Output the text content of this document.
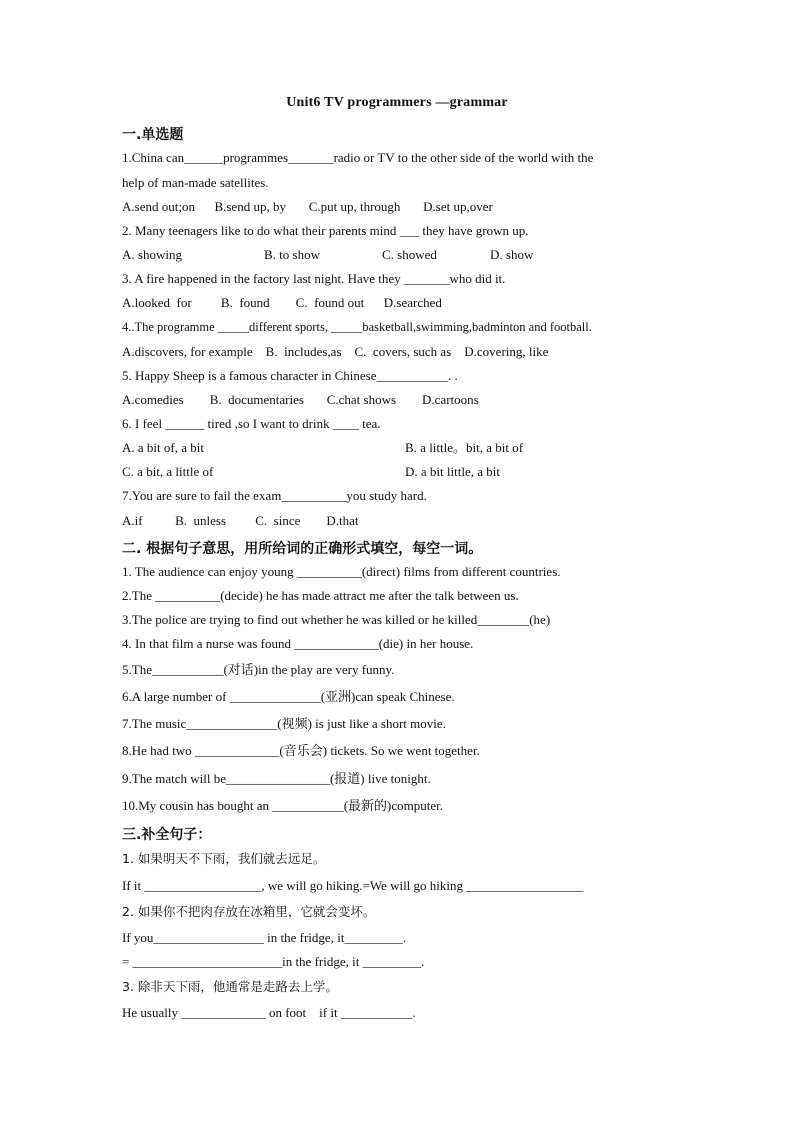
Unit6 TV programmers —grammar
一.单选题
1.China can______programmes_______radio or TV to the other side of the world with the
help of man-made satellites.
A.send out;on      B.send up, by       C.put up, through       D.set up,over
2. Many teenagers like to do what their parents mind ___ they have grown up.
A. showing	B. to show	C. showed	D. show
3. A fire happened in the factory last night. Have they _______who did it.
A.looked  for         B.  found        C.  found out      D.searched
4..The programme _____different sports, _____basketball,swimming,badminton and football.
A.discovers, for example    B.  includes,as    C.  covers, such as    D.covering, like
5. Happy Sheep is a famous character in Chinese___________. .
A.comedies        B.  documentaries       C.chat shows        D.cartoons
6. I feel ______ tired ,so I want to drink ____ tea.
A. a bit of, a bit	B. a little。bit, a bit of
C. a bit, a little of	D. a bit little, a bit
7.You are sure to fail the exam__________you study hard.
A.if          B.  unless         C.  since        D.that
二. 根据句子意思，用所给词的正确形式填空，每空一词。
1. The audience can enjoy young __________(direct) films from different countries.
2.The __________(decide) he has made attract me after the talk between us.
3.The police are trying to find out whether he was killed or he killed________(he)
4. In that film a nurse was found _____________(die) in her house.
5.The___________(对话)in the play are very funny.
6.A large number of ______________(亚洲)can speak Chinese.
7.The music______________(视频) is just like a short movie.
8.He had two _____________(音乐会) tickets. So we went together.
9.The match will be________________(报道) live tonight.
10.My cousin has bought an ___________(最新的)computer.
三.补全句子：
1. 如果明天不下雨，我们就去远足。
If it __________________, we will go hiking.=We will go hiking __________________
2. 如果你不把肉存放在冰箱里，它就会变坏。
If you_________________ in the fridge, it_________.
= _______________________in the fridge, it _________.
3. 除非天下雨，他通常是走路去上学。
He usually _____________ on foot    if it ___________.
